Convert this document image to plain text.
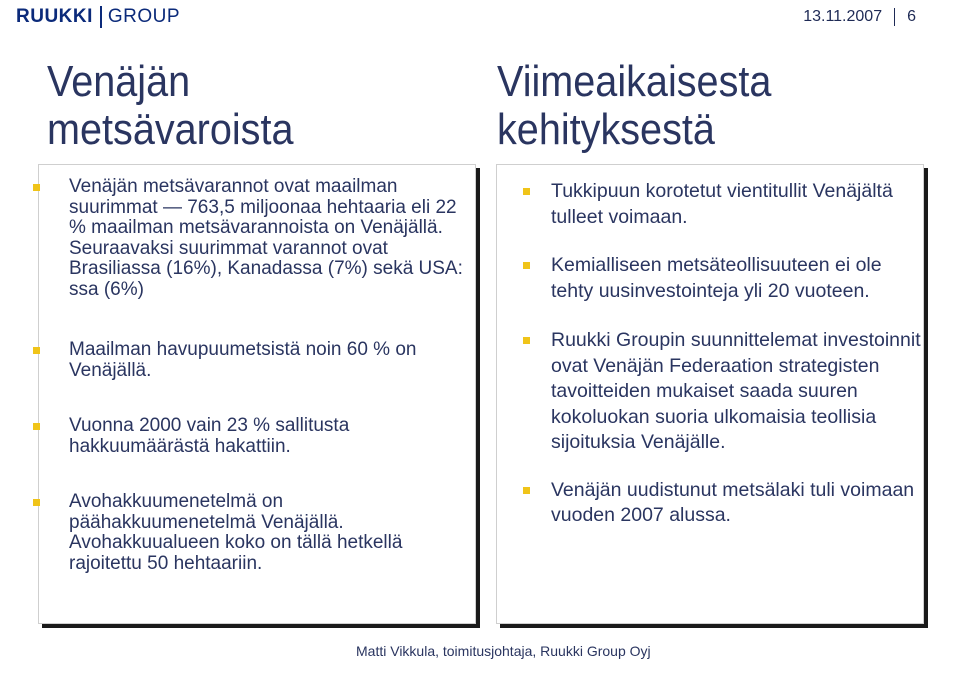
RUUKKI GROUP	13.11.2007 6
Venäjän
metsävaroista
Viimeaikaisesta
kehityksestä
Venäjän metsävarannot ovat maailman suurimmat — 763,5 miljoonaa hehtaaria eli 22 % maailman metsävarannoista on Venäjällä. Seuraavaksi suurimmat varannot ovat Brasiliassa (16%), Kanadassa (7%) sekä USA: ssa (6%)
Maailman havupuumetsistä noin 60 % on Venäjällä.
Vuonna 2000 vain 23 % sallitusta hakkuumäärästä hakattiin.
Avohakkuumenetelmä on päähakkuumenetelmä Venäjällä. Avohakkuualueen koko on tällä hetkellä rajoitettu 50 hehtaariin.
Tukkipuun korotetut vientitullit Venäjältä tulleet voimaan.
Kemialliseen metsäteollisuuteen ei ole tehty uusinvestointeja yli 20 vuoteen.
Ruukki Groupin suunnittelemat investoinnit ovat Venäjän Federaation strategisten tavoitteiden mukaiset saada suuren kokoluokan suoria ulkomaisia teollisia sijoituksia Venäjälle.
Venäjän uudistunut metsälaki tuli voimaan vuoden 2007 alussa.
Matti Vikkula, toimitusjohtaja, Ruukki Group Oyj
